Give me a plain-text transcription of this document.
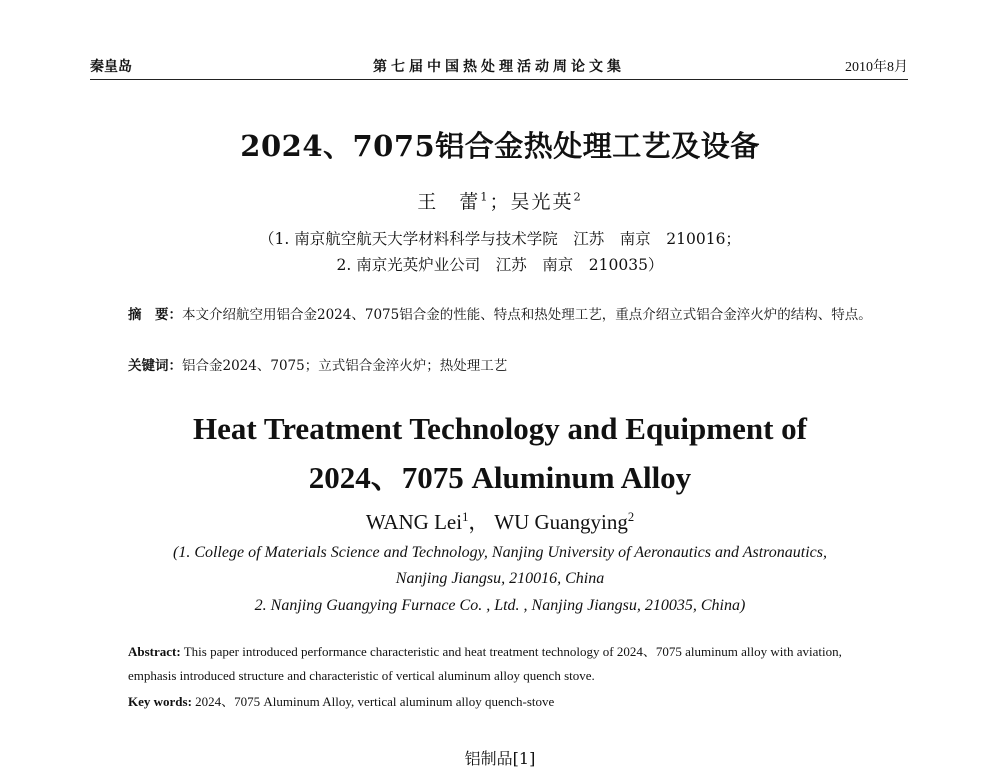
秦皇岛	第七届中国热处理活动周论文集	2010年8月
2024、7075铝合金热处理工艺及设备
王　蕾$^1$；吴光英$^2$
（1. 南京航空航天大学材料科学与技术学院　江苏　南京　210016；
2. 南京光英炉业公司　江苏　南京　210035）
摘　要：本文介绍航空用铝合金2024、7075铝合金的性能、特点和热处理工艺，重点介绍立式铝合金淬火炉的结构、特点。
关键词：铝合金2024、7075；立式铝合金淬火炉；热处理工艺
Heat Treatment Technology and Equipment of
2024、7075 Aluminum Alloy
WANG Lei$^1$， WU Guangying$^2$
(1. College of Materials Science and Technology, Nanjing University of Aeronautics and Astronautics,
Nanjing Jiangsu, 210016, China
2. Nanjing Guangying Furnace Co. , Ltd. , Nanjing Jiangsu, 210035, China)
Abstract: This paper introduced performance characteristic and heat treatment technology of 2024、7075 aluminum alloy with aviation, emphasis introduced structure and characteristic of vertical aluminum alloy quench stove.
Key words: 2024、7075 Aluminum Alloy, vertical aluminum alloy quench-stove
铝制品[1]
